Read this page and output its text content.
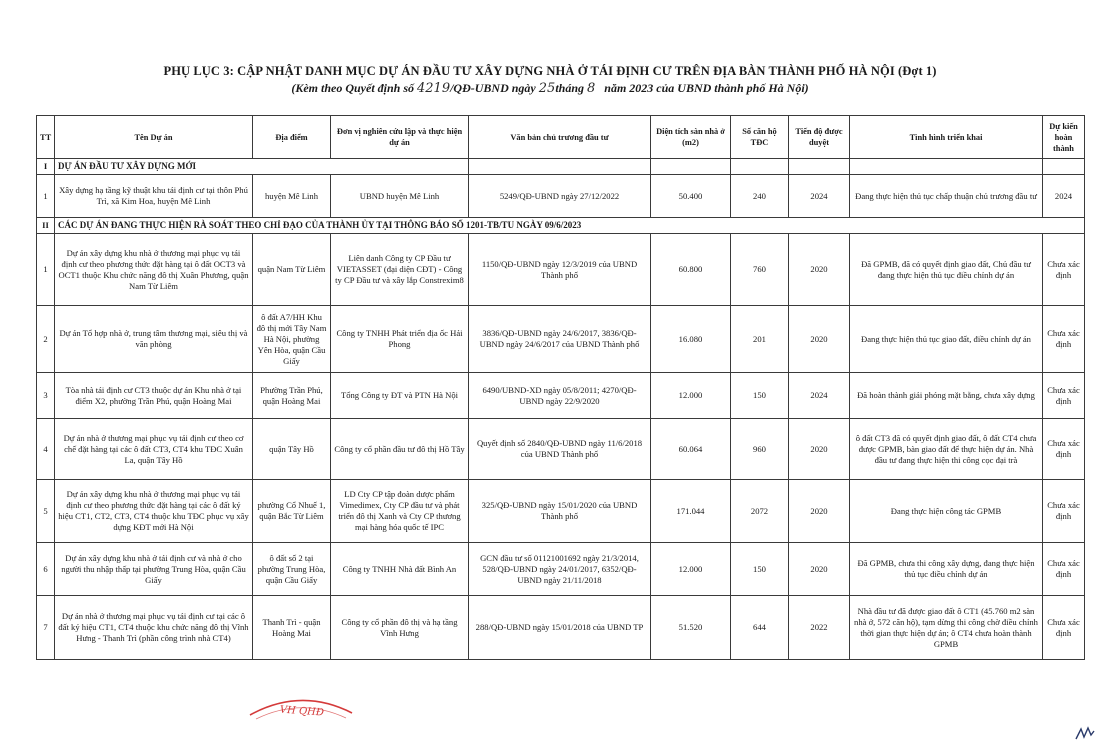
PHỤ LỤC 3: CẬP NHẬT DANH MỤC DỰ ÁN ĐẦU TƯ XÂY DỰNG NHÀ Ở TÁI ĐỊNH CƯ TRÊN ĐỊA BÀN THÀNH PHỐ HÀ NỘI (Đợt 1)
(Kèm theo Quyết định số 4219/QĐ-UBND ngày 25tháng 8 năm 2023 của UBND thành phố Hà Nội)
TT	Tên Dự án	Địa điểm	Đơn vị nghiên cứu lập và thực hiện dự án	Văn bản chủ trương đầu tư	Diện tích sàn nhà ở (m2)	Số căn hộ TĐC	Tiến độ được duyệt	Tình hình triển khai	Dự kiến hoàn thành
I	DỰ ÁN ĐẦU TƯ XÂY DỰNG MỚI								
1	Xây dựng hạ tầng kỹ thuật khu tái định cư tại thôn Phú Trì, xã Kim Hoa, huyện Mê Linh	huyện Mê Linh	UBND huyện Mê Linh	5249/QĐ-UBND ngày 27/12/2022	50.400	240	2024	Đang thực hiện thủ tục chấp thuận chủ trương đầu tư	2024
II	CÁC DỰ ÁN ĐANG THỰC HIỆN RÀ SOÁT THEO CHỈ ĐẠO CỦA THÀNH ỦY TẠI THÔNG BÁO SỐ 1201-TB/TU NGÀY 09/6/2023								
1	Dự án xây dựng khu nhà ở thương mại phục vụ tái định cư theo phương thức đặt hàng tại ô đất OCT3 và OCT1 thuộc Khu chức năng đô thị Xuân Phương, quận Nam Từ Liêm	quận Nam Từ Liêm	Liên danh Công ty CP Đầu tư VIETASSET (đại diện CĐT) - Công ty CP Đầu tư và xây lắp Constrexim8	1150/QĐ-UBND ngày 12/3/2019 của UBND Thành phố	60.800	760	2020	Đã GPMB, đã có quyết định giao đất, Chủ đầu tư đang thực hiện thủ tục điều chỉnh dự án	Chưa xác định
2	Dự án Tổ hợp nhà ở, trung tâm thương mại, siêu thị và văn phòng	ô đất A7/HH Khu đô thị mới Tây Nam Hà Nội, phường Yên Hòa, quận Cầu Giấy	Công ty TNHH Phát triển địa ốc Hải Phong	3836/QĐ-UBND ngày 24/6/2017, 3836/QĐ-UBND ngày 24/6/2017 của UBND Thành phố	16.080	201	2020	Đang thực hiện thủ tục giao đất, điều chỉnh dự án	Chưa xác định
3	Tòa nhà tái định cư CT3 thuộc dự án Khu nhà ở tại điểm X2, phường Trần Phú, quận Hoàng Mai	Phường Trần Phú, quận Hoàng Mai	Tổng Công ty ĐT và PTN Hà Nội	6490/UBND-XD ngày 05/8/2011; 4270/QĐ-UBND ngày 22/9/2020	12.000	150	2024	Đã hoàn thành giải phóng mặt bằng, chưa xây dựng	Chưa xác định
4	Dự án nhà ở thương mại phục vụ tái định cư theo cơ chế đặt hàng tại các ô đất CT3, CT4 khu TĐC Xuân La, quận Tây Hồ	quận Tây Hồ	Công ty cổ phần đầu tư đô thị Hồ Tây	Quyết định số 2840/QĐ-UBND ngày 11/6/2018 của UBND Thành phố	60.064	960	2020	ô đất CT3 đã có quyết định giao đất, ô đất CT4 chưa được GPMB, bàn giao đất để thực hiện dự án. Nhà đầu tư đang thực hiện thi công cọc đại trà	Chưa xác định
5	Dự án xây dựng khu nhà ở thương mại phục vụ tái định cư theo phương thức đặt hàng tại các ô đất ký hiệu CT1, CT2, CT3, CT4 thuộc khu TĐC phục vụ xây dựng KĐT mới Hà Nội	phường Cổ Nhuế 1, quận Bắc Từ Liêm	LD Cty CP tập đoàn dược phẩm Vimedimex, Cty CP đầu tư và phát triển đô thị Xanh và Cty CP thương mại hàng hóa quốc tế IPC	325/QĐ-UBND ngày 15/01/2020 của UBND Thành phố	171.044	2072	2020	Đang thực hiện công tác GPMB	Chưa xác định
6	Dự án xây dựng khu nhà ở tái định cư và nhà ở cho người thu nhập thấp tại phường Trung Hòa, quận Cầu Giấy	ô đất số 2 tại phường Trung Hòa, quận Cầu Giấy	Công ty TNHH Nhà đất Bình An	GCN đầu tư số 01121001692 ngày 21/3/2014, 528/QĐ-UBND ngày 24/01/2017, 6352/QĐ-UBND ngày 21/11/2018	12.000	150	2020	Đã GPMB, chưa thi công xây dựng, đang thực hiện thủ tục điều chỉnh dự án	Chưa xác định
7	Dự án nhà ở thương mại phục vụ tái định cư tại các ô đất ký hiệu CT1, CT4 thuộc khu chức năng đô thị Vĩnh Hưng - Thanh Trì (phần công trình nhà CT4)	Thanh Trì - quận Hoàng Mai	Công ty cổ phần đô thị và hạ tầng Vĩnh Hưng	288/QĐ-UBND ngày 15/01/2018 của UBND TP	51.520	644	2022	Nhà đầu tư đã được giao đất ô CT1 (45.760 m2 sàn nhà ở, 572 căn hộ), tạm dừng thi công chờ điều chỉnh thời gian thực hiện dự án; ô CT4 chưa hoàn thành GPMB	Chưa xác định
VH QHĐ
